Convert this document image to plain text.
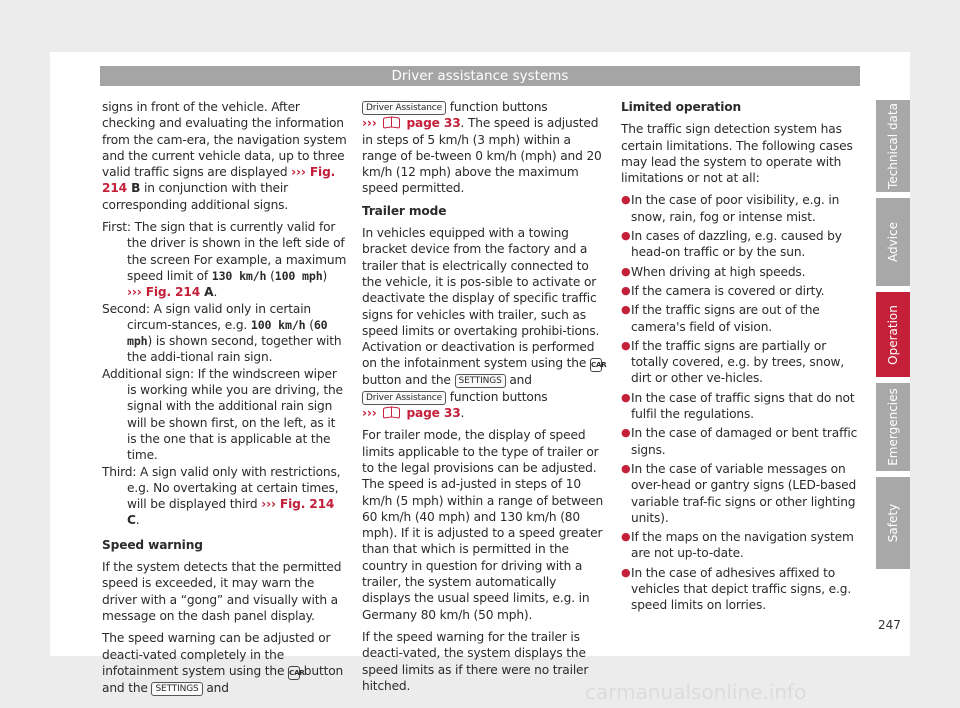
Driver assistance systems

signs in front of the vehicle. After checking and evaluating the information from the cam-era, the navigation system and the current vehicle data, up to three valid traffic signs are displayed ››› Fig. 214 B in conjunction with their corresponding additional signs.

First: The sign that is currently valid for the driver is shown in the left side of the screen For example, a maximum speed limit of 130 km/h (100 mph)
››› Fig. 214 A.
Second: A sign valid only in certain circum-stances, e.g. 100 km/h (60 mph) is shown second, together with the addi-tional rain sign.
Additional sign: If the windscreen wiper is working while you are driving, the signal with the additional rain sign will be shown first, on the left, as it is the one that is applicable at the time.
Third: A sign valid only with restrictions, e.g. No overtaking at certain times, will be displayed third ››› Fig. 214 C.

Speed warning

If the system detects that the permitted speed is exceeded, it may warn the driver with a “gong” and visually with a message on the dash panel display.

The speed warning can be adjusted or deacti-vated completely in the infotainment system using the CAR button and the SETTINGS and

Driver Assistance function buttons
›››  page 33. The speed is adjusted in steps of 5 km/h (3 mph) within a range of be-tween 0 km/h (mph) and 20 km/h (12 mph) above the maximum speed permitted.

Trailer mode

In vehicles equipped with a towing bracket device from the factory and a trailer that is electrically connected to the vehicle, it is pos-sible to activate or deactivate the display of specific traffic signs for vehicles with trailer, such as speed limits or overtaking prohibi-tions. Activation or deactivation is performed on the infotainment system using the CAR button and the SETTINGS and Driver Assistance function buttons
›››  page 33.

For trailer mode, the display of speed limits applicable to the type of trailer or to the legal provisions can be adjusted. The speed is ad-justed in steps of 10 km/h (5 mph) within a range of between 60 km/h (40 mph) and 130 km/h (80 mph). If it is adjusted to a speed greater than that which is permitted in the country in question for driving with a trailer, the system automatically displays the usual speed limits, e.g. in Germany 80 km/h (50 mph).

If the speed warning for the trailer is deacti-vated, the system displays the speed limits as if there were no trailer hitched.

Limited operation

The traffic sign detection system has certain limitations. The following cases may lead the system to operate with limitations or not at all:

● In the case of poor visibility, e.g. in snow, rain, fog or intense mist.
● In cases of dazzling, e.g. caused by head-on traffic or by the sun.
● When driving at high speeds.
● If the camera is covered or dirty.
● If the traffic signs are out of the camera's field of vision.
● If the traffic signs are partially or totally covered, e.g. by trees, snow, dirt or other ve-hicles.
● In the case of traffic signs that do not fulfil the regulations.
● In the case of damaged or bent traffic signs.
● In the case of variable messages on over-head or gantry signs (LED-based variable traf-fic signs or other lighting units).
● If the maps on the navigation system are not up-to-date.
● In the case of adhesives affixed to vehicles that depict traffic signs, e.g. speed limits on lorries.
Technical data
Advice
Operation
Emergencies
Safety
247
carmanualsonline.info
